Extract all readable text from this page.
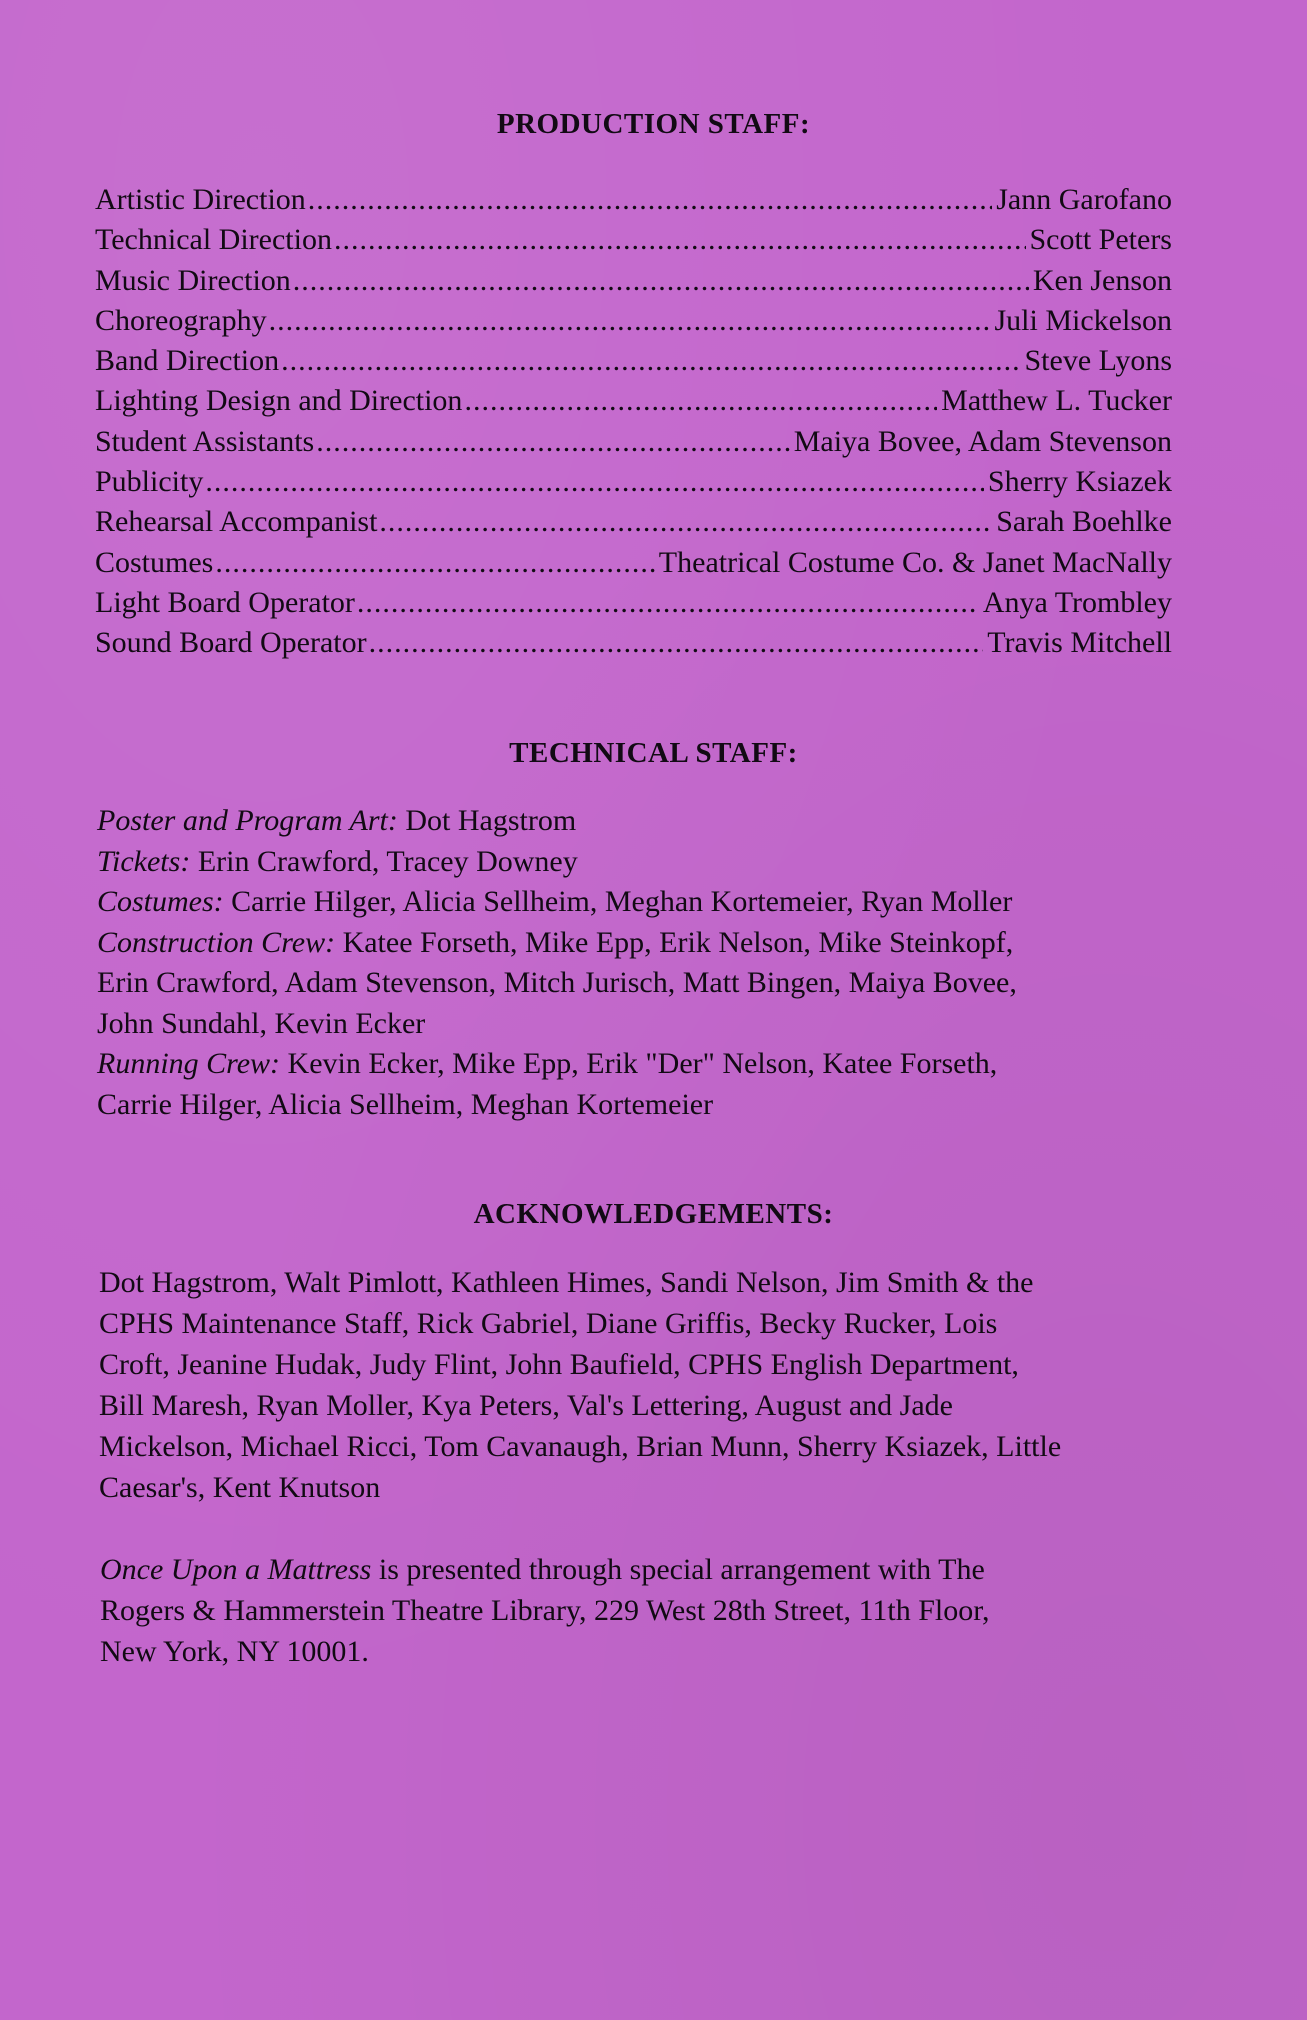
PRODUCTION STAFF:
Artistic Direction .....	Jann Garofano
Technical Direction .....	Scott Peters
Music Direction .....	Ken Jenson
Choreography .....	Juli Mickelson
Band Direction .....	Steve Lyons
Lighting Design and Direction .....	Matthew L. Tucker
Student Assistants .....	Maiya Bovee, Adam Stevenson
Publicity .....	Sherry Ksiazek
Rehearsal Accompanist .....	Sarah Boehlke
Costumes .....	Theatrical Costume Co. & Janet MacNally
Light Board Operator .....	Anya Trombley
Sound Board Operator .....	Travis Mitchell
TECHNICAL STAFF:
Poster and Program Art: Dot Hagstrom
Tickets: Erin Crawford, Tracey Downey
Costumes: Carrie Hilger, Alicia Sellheim, Meghan Kortemeier, Ryan Moller
Construction Crew: Katee Forseth, Mike Epp, Erik Nelson, Mike Steinkopf,
Erin Crawford, Adam Stevenson, Mitch Jurisch, Matt Bingen, Maiya Bovee,
John Sundahl, Kevin Ecker
Running Crew: Kevin Ecker, Mike Epp, Erik "Der" Nelson, Katee Forseth,
Carrie Hilger, Alicia Sellheim, Meghan Kortemeier
ACKNOWLEDGEMENTS:
Dot Hagstrom, Walt Pimlott, Kathleen Himes, Sandi Nelson, Jim Smith & the
CPHS Maintenance Staff, Rick Gabriel, Diane Griffis, Becky Rucker, Lois
Croft, Jeanine Hudak, Judy Flint, John Baufield, CPHS English Department,
Bill Maresh, Ryan Moller, Kya Peters, Val's Lettering, August and Jade
Mickelson, Michael Ricci, Tom Cavanaugh, Brian Munn, Sherry Ksiazek, Little
Caesar's, Kent Knutson
Once Upon a Mattress is presented through special arrangement with The
Rogers & Hammerstein Theatre Library, 229 West 28th Street, 11th Floor,
New York, NY 10001.
